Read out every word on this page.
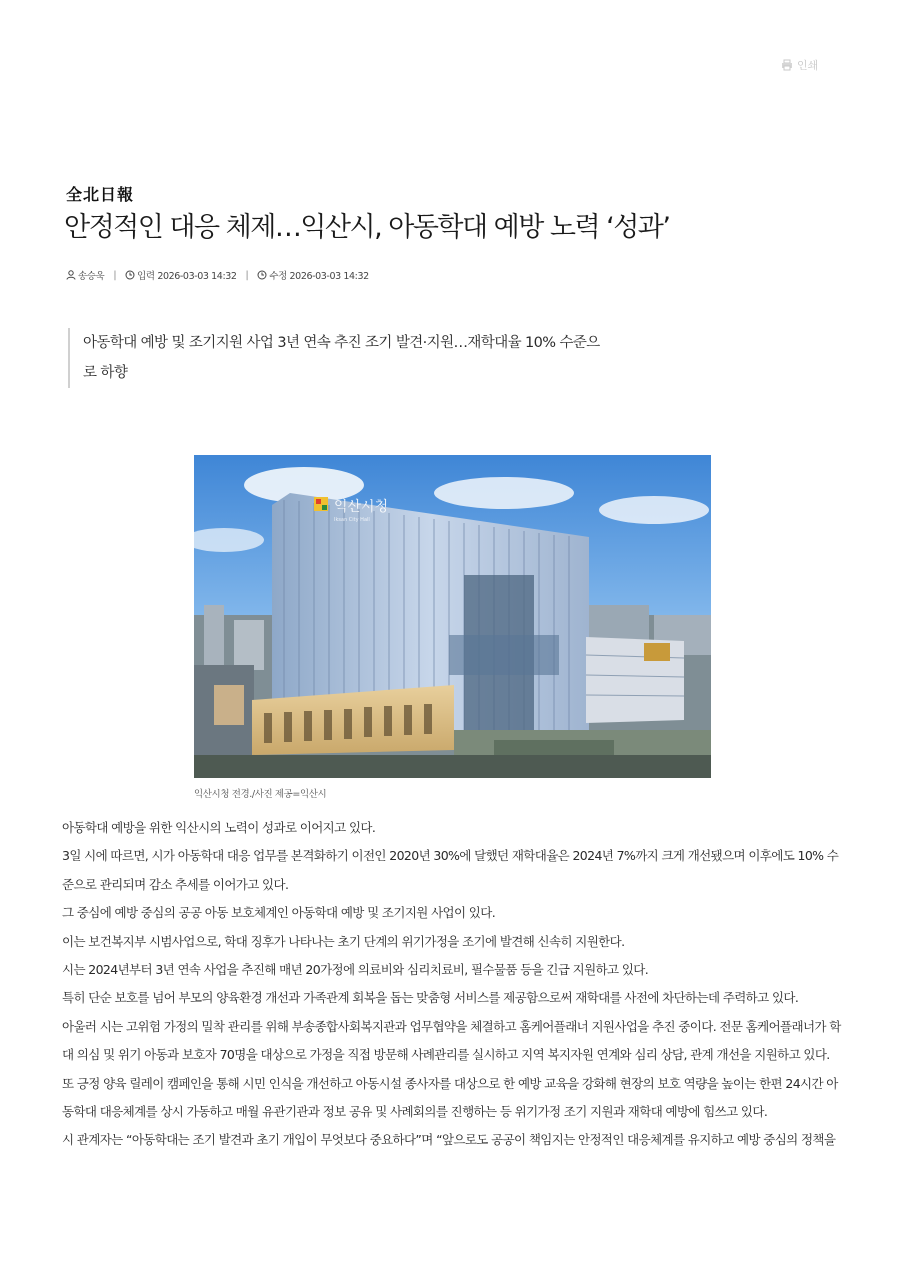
인쇄
全北日報
안정적인 대응 체제…익산시, 아동학대 예방 노력 ‘성과’
송승욱 | 입력 2026-03-03 14:32 | 수정 2026-03-03 14:32
아동학대 예방 및 조기지원 사업 3년 연속 추진 조기 발견·지원…재학대율 10% 수준으로 하향
익산시청
Iksan City Hall
익산시청 전경./사진 제공=익산시

아동학대 예방을 위한 익산시의 노력이 성과로 이어지고 있다.

3일 시에 따르면, 시가 아동학대 대응 업무를 본격화하기 이전인 2020년 30%에 달했던 재학대율은 2024년 7%까지 크게 개선됐으며 이후에도 10% 수준으로 관리되며 감소 추세를 이어가고 있다.

그 중심에 예방 중심의 공공 아동 보호체계인 아동학대 예방 및 조기지원 사업이 있다.

이는 보건복지부 시범사업으로, 학대 징후가 나타나는 초기 단계의 위기가정을 조기에 발견해 신속히 지원한다.

시는 2024년부터 3년 연속 사업을 추진해 매년 20가정에 의료비와 심리치료비, 필수물품 등을 긴급 지원하고 있다.

특히 단순 보호를 넘어 부모의 양육환경 개선과 가족관계 회복을 돕는 맞춤형 서비스를 제공함으로써 재학대를 사전에 차단하는데 주력하고 있다.

아울러 시는 고위험 가정의 밀착 관리를 위해 부송종합사회복지관과 업무협약을 체결하고 홈케어플래너 지원사업을 추진 중이다. 전문 홈케어플래너가 학대 의심 및 위기 아동과 보호자 70명을 대상으로 가정을 직접 방문해 사례관리를 실시하고 지역 복지자원 연계와 심리 상담, 관계 개선을 지원하고 있다.

또 긍정 양육 릴레이 캠페인을 통해 시민 인식을 개선하고 아동시설 종사자를 대상으로 한 예방 교육을 강화해 현장의 보호 역량을 높이는 한편 24시간 아동학대 대응체계를 상시 가동하고 매월 유관기관과 정보 공유 및 사례회의를 진행하는 등 위기가정 조기 지원과 재학대 예방에 힘쓰고 있다.

시 관계자는 “아동학대는 조기 발견과 초기 개입이 무엇보다 중요하다”며 “앞으로도 공공이 책임지는 안정적인 대응체계를 유지하고 예방 중심의 정책을
